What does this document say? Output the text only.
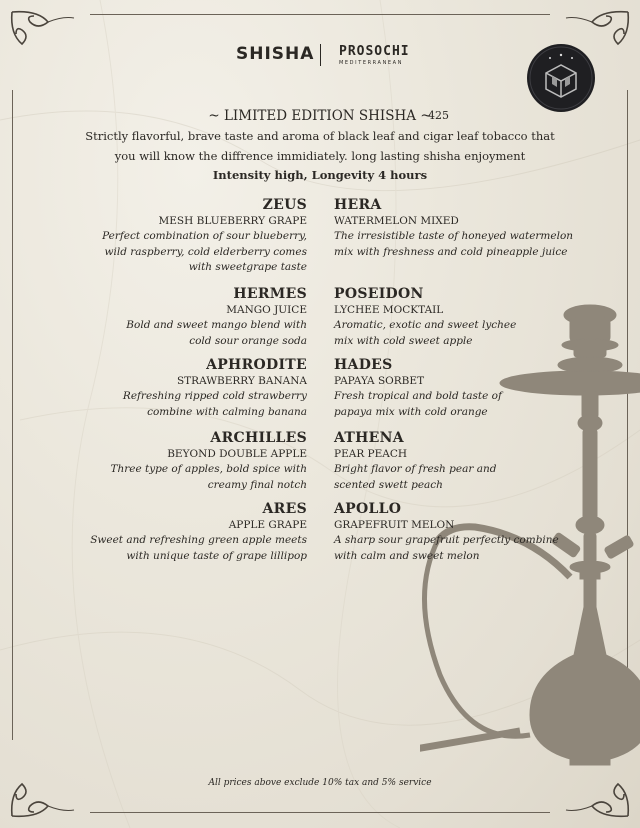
SHISHA PROSOCHI
MEDITERRANEAN
~ LIMITED EDITION SHISHA ~
425
Strictly flavorful, brave taste and aroma of black leaf and cigar leaf tobacco that
you will know the diffrence immidiately. long lasting shisha enjoyment
Intensity high, Longevity 4 hours
ZEUS
MESH BLUEBERRY GRAPE
Perfect combination of sour blueberry,
wild raspberry, cold elderberry comes
with sweetgrape taste
HERMES
MANGO JUICE
Bold and sweet mango blend with
cold sour orange soda
APHRODITE
STRAWBERRY BANANA
Refreshing ripped cold strawberry
combine with calming banana
ARCHILLES
BEYOND DOUBLE APPLE
Three type of apples, bold spice with
creamy final notch
ARES
APPLE GRAPE
Sweet and refreshing green apple meets
with unique taste of grape lillipop
HERA
WATERMELON MIXED
The irresistible taste of honeyed watermelon
mix with freshness and cold pineapple juice
POSEIDON
LYCHEE MOCKTAIL
Aromatic, exotic and sweet lychee
mix with cold sweet apple
HADES
PAPAYA SORBET
Fresh tropical and bold taste of
papaya mix with cold orange
ATHENA
PEAR PEACH
Bright flavor of fresh pear and
scented swett peach
APOLLO
GRAPEFRUIT MELON
A sharp sour grapefruit perfectly combine
with calm and sweet melon
All prices above exclude 10% tax and 5% service
